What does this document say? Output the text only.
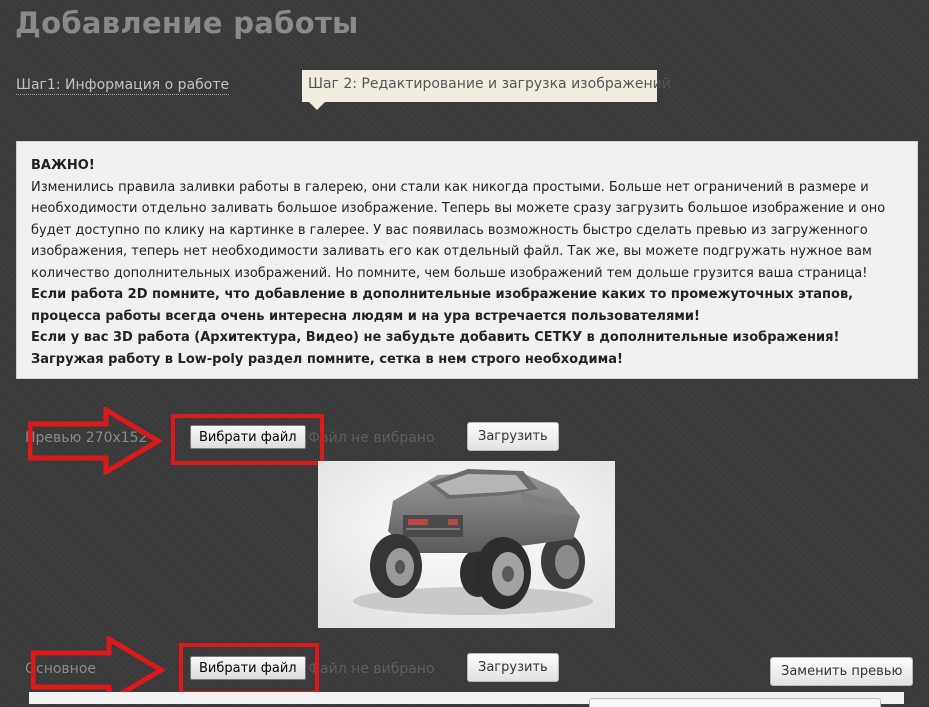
Добавление работы
Шаг1: Информация о работе	Шаг 2: Редактирование и загрузка изображений

ВАЖНО!

Изменились правила заливки работы в галерею, они стали как никогда простыми. Больше нет ограничений в размере и необходимости отдельно заливать большое изображение. Теперь вы можете сразу загрузить большое изображение и оно будет доступно по клику на картинке в галерее. У вас появилась возможность быстро сделать превью из загруженного изображения, теперь нет необходимости заливать его как отдельный файл. Так же, вы можете подгружать нужное вам количество дополнительных изображений. Но помните, чем больше изображений тем дольше грузится ваша страница!

Если работа 2D помните, что добавление в дополнительные изображение каких то промежуточных этапов, процесса работы всегда очень интересна людям и на ура встречается пользователями!

Если у вас 3D работа (Архитектура, Видео) не забудьте добавить СЕТКУ в дополнительные изображения!

Загружая работу в Low-poly раздел помните, сетка в нем строго необходима!

Превью 270x152	Вибрати файл Файл не вибрано	Загрузить
Основное	Вибрати файл Файл не вибрано	Загрузить	Заменить превью
